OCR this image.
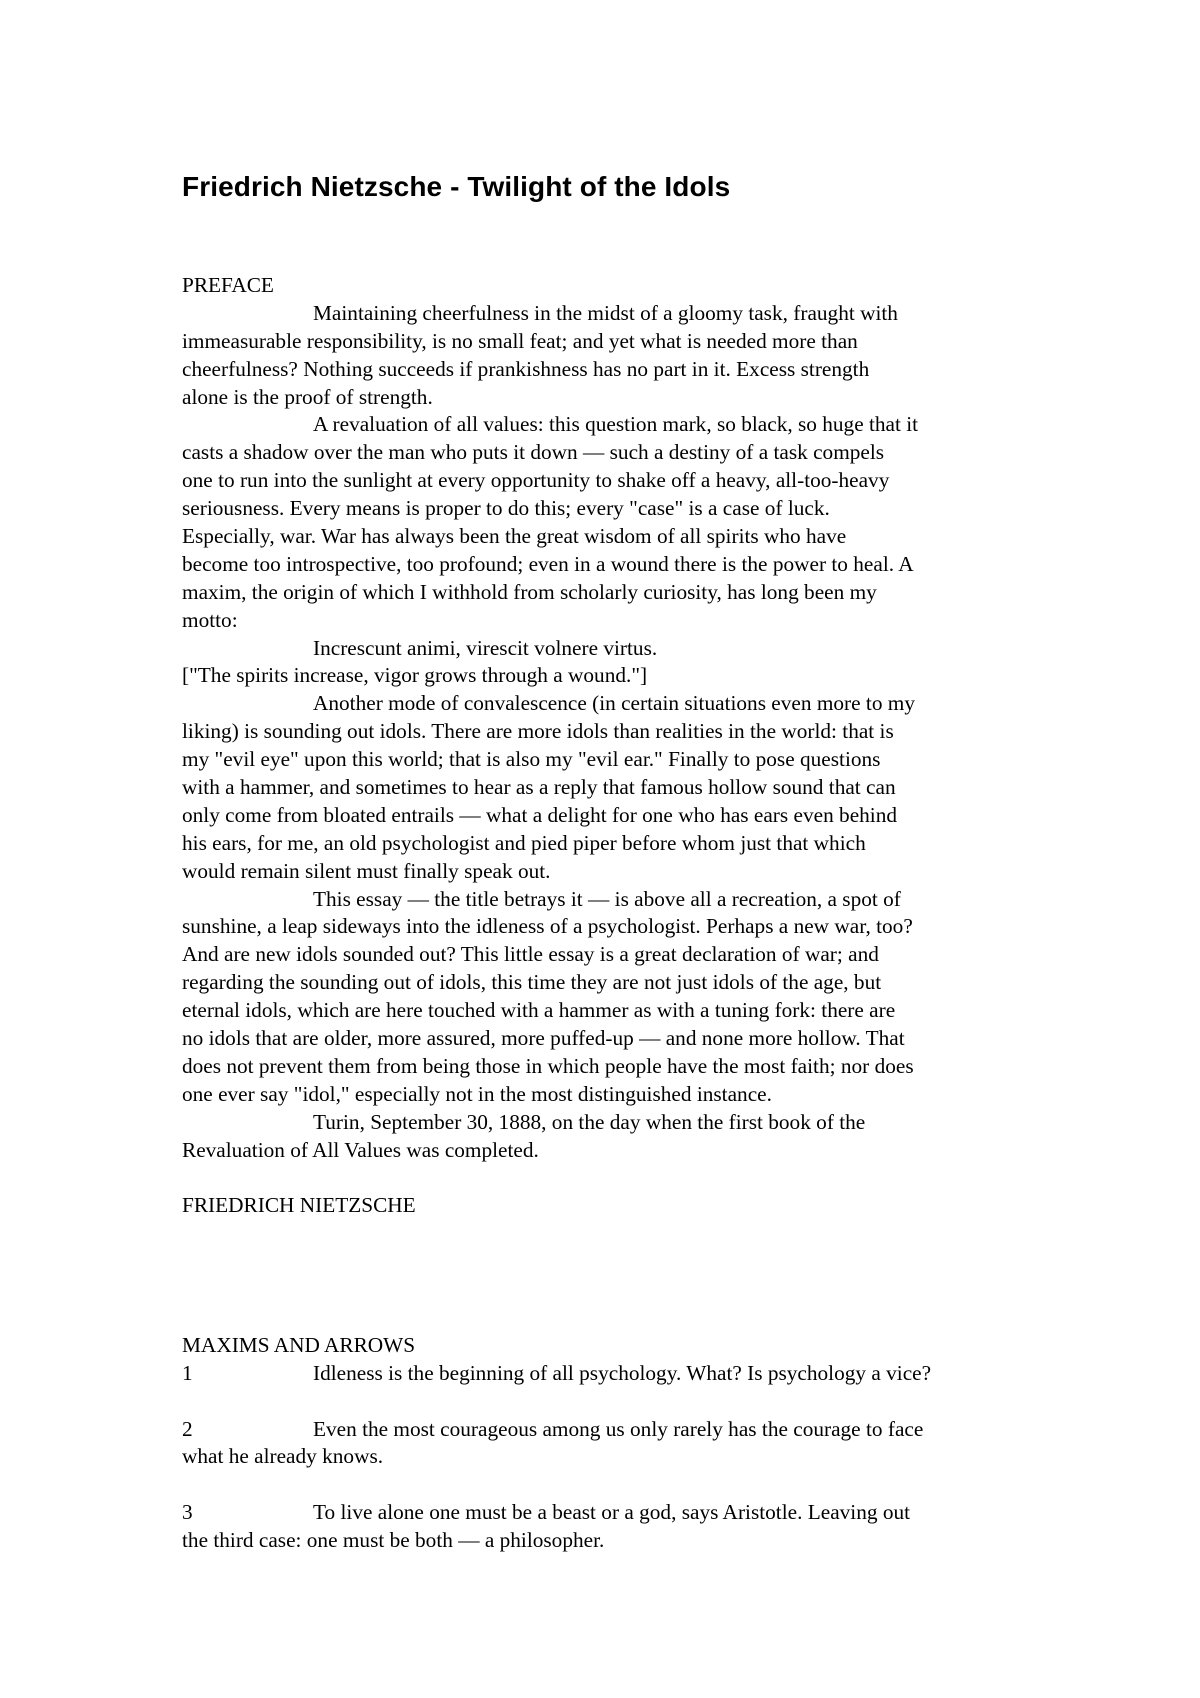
Friedrich Nietzsche - Twilight of the Idols
PREFACE
Maintaining cheerfulness in the midst of a gloomy task, fraught with
immeasurable responsibility, is no small feat; and yet what is needed more than
cheerfulness? Nothing succeeds if prankishness has no part in it. Excess strength
alone is the proof of strength.
A revaluation of all values: this question mark, so black, so huge that it
casts a shadow over the man who puts it down — such a destiny of a task compels
one to run into the sunlight at every opportunity to shake off a heavy, all-too-heavy
seriousness. Every means is proper to do this; every "case" is a case of luck.
Especially, war. War has always been the great wisdom of all spirits who have
become too introspective, too profound; even in a wound there is the power to heal. A
maxim, the origin of which I withhold from scholarly curiosity, has long been my
motto:
Increscunt animi, virescit volnere virtus.
["The spirits increase, vigor grows through a wound."]
Another mode of convalescence (in certain situations even more to my
liking) is sounding out idols. There are more idols than realities in the world: that is
my "evil eye" upon this world; that is also my "evil ear." Finally to pose questions
with a hammer, and sometimes to hear as a reply that famous hollow sound that can
only come from bloated entrails — what a delight for one who has ears even behind
his ears, for me, an old psychologist and pied piper before whom just that which
would remain silent must finally speak out.
This essay — the title betrays it — is above all a recreation, a spot of
sunshine, a leap sideways into the idleness of a psychologist. Perhaps a new war, too?
And are new idols sounded out? This little essay is a great declaration of war; and
regarding the sounding out of idols, this time they are not just idols of the age, but
eternal idols, which are here touched with a hammer as with a tuning fork: there are
no idols that are older, more assured, more puffed-up — and none more hollow. That
does not prevent them from being those in which people have the most faith; nor does
one ever say "idol," especially not in the most distinguished instance.
Turin, September 30, 1888, on the day when the first book of the
Revaluation of All Values was completed.
FRIEDRICH NIETZSCHE
MAXIMS AND ARROWS
1	Idleness is the beginning of all psychology. What? Is psychology a vice?
2	Even the most courageous among us only rarely has the courage to face
what he already knows.
3	To live alone one must be a beast or a god, says Aristotle. Leaving out
the third case: one must be both — a philosopher.
